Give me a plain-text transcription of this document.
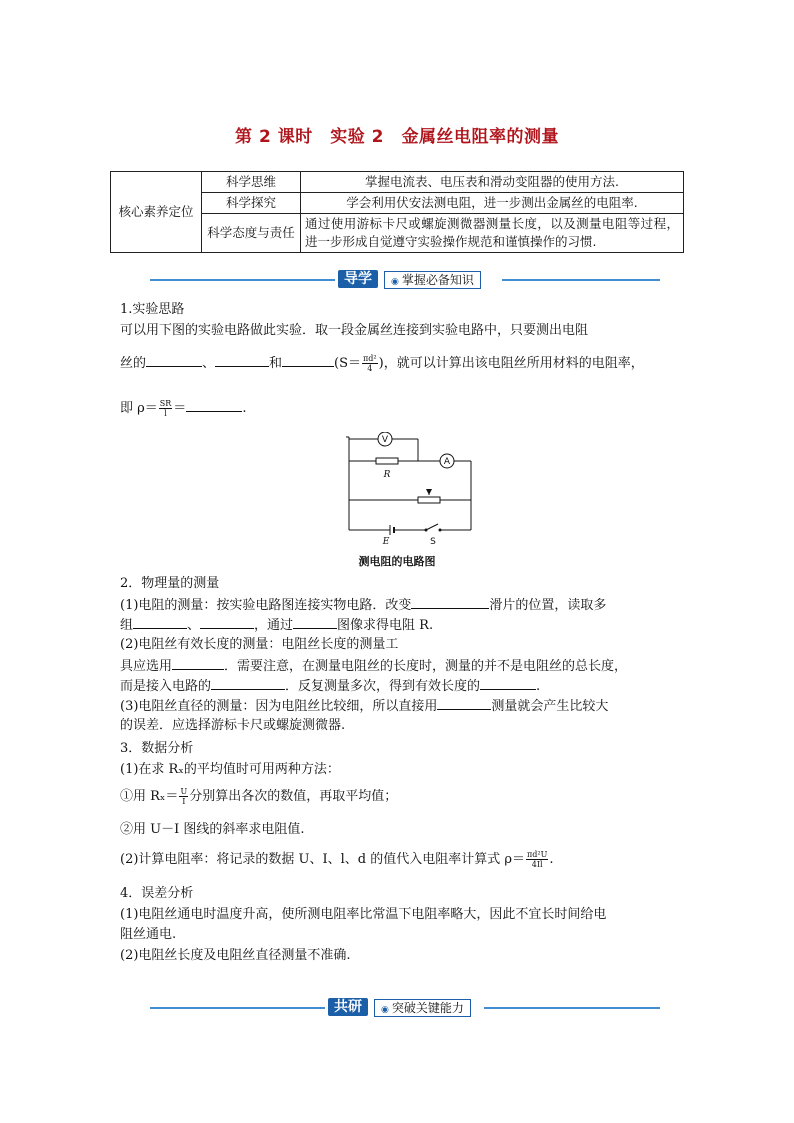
第 2 课时　实验 2　金属丝电阻率的测量
核心素养定位	科学思维	掌握电流表、电压表和滑动变阻器的使用方法.
	科学探究	学会利用伏安法测电阻，进一步测出金属丝的电阻率.
	科学态度与责任	通过使用游标卡尺或螺旋测微器测量长度，以及测量电阻等过程，进一步形成自觉遵守实验操作规范和谨慎操作的习惯.
导学	◉ 掌握必备知识
1.实验思路
可以用下图的实验电路做此实验．取一段金属丝连接到实验电路中，只要测出电阻
丝的	、	和	($S= \frac{\text{πd²}}{4}$ )，就可以计算出该电阻丝所用材料的电阻率，
即 $\rho= \frac{SR}{l}$ ＝	.
V
A
R
E	S
测电阻的电路图
2．物理量的测量
(1)电阻的测量：按实验电路图连接实物电路．改变	滑片的位置，读取多
组	、	，通过	图像求得电阻 R.
(2)电阻丝有效长度的测量：电阻丝长度的测量工
具应选用	．需要注意，在测量电阻丝的长度时，测量的并不是电阻丝的总长度，
而是接入电路的	．反复测量多次，得到有效长度的	.
(3)电阻丝直径的测量：因为电阻丝比较细，所以直接用	测量就会产生比较大
的误差．应选择游标卡尺或螺旋测微器.
3．数据分析
(1)在求 Rₓ的平均值时可用两种方法：
①用 $R_x= \frac{U}{I}$ 分别算出各次的数值，再取平均值；
②用 U－I 图线的斜率求电阻值.
(2)计算电阻率：将记录的数据 U、I、l、d 的值代入电阻率计算式 $\rho= \frac{\text{πd²U}}{4Il}$ .
4．误差分析
(1)电阻丝通电时温度升高，使所测电阻率比常温下电阻率略大，因此不宜长时间给电
阻丝通电.
(2)电阻丝长度及电阻丝直径测量不准确.
共研	◉ 突破关键能力
